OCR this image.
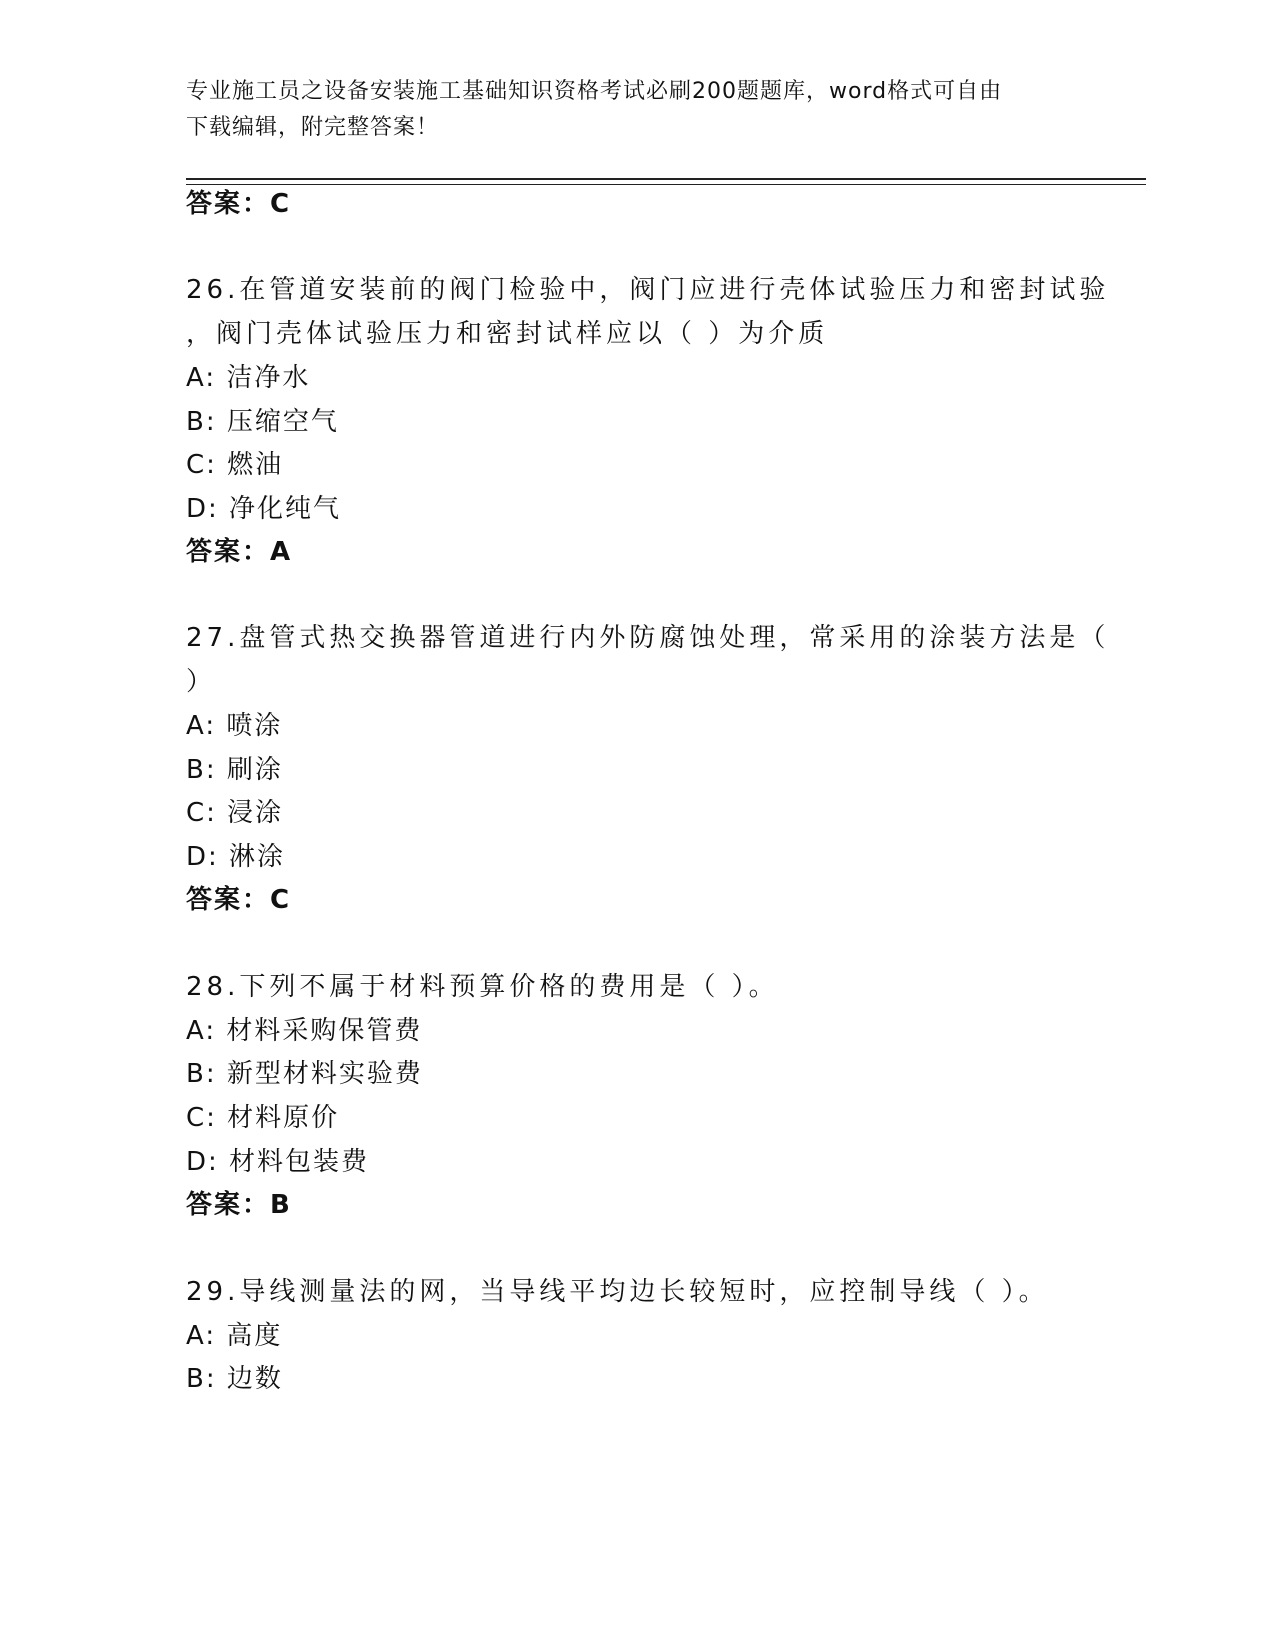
专业施工员之设备安装施工基础知识资格考试必刷200题题库，word格式可自由
下载编辑，附完整答案！
答案：C
26.在管道安装前的阀门检验中，阀门应进行壳体试验压力和密封试验
，阀门壳体试验压力和密封试样应以（ ）为介质
A: 洁净水
B: 压缩空气
C: 燃油
D: 净化纯气
答案：A
27.盘管式热交换器管道进行内外防腐蚀处理，常采用的涂装方法是（
）
A: 喷涂
B: 刷涂
C: 浸涂
D: 淋涂
答案：C
28.下列不属于材料预算价格的费用是（ ）。
A: 材料采购保管费
B: 新型材料实验费
C: 材料原价
D: 材料包装费
答案：B
29.导线测量法的网，当导线平均边长较短时，应控制导线（ ）。
A: 高度
B: 边数
